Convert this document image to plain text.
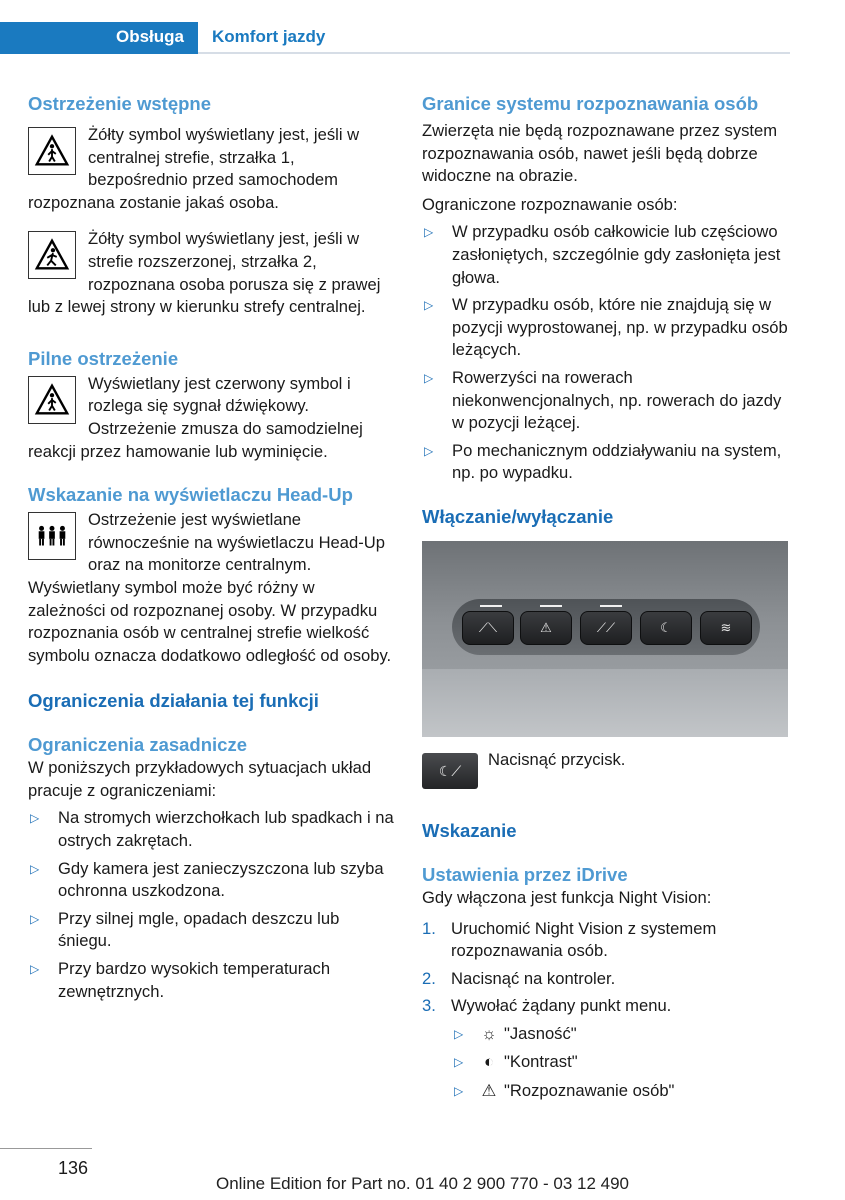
Obsługa	Komfort jazdy
Ostrzeżenie wstępne

Żółty symbol wyświetlany jest, jeśli w centralnej strefie, strzałka 1, bezpośrednio przed samochodem rozpoznana zostanie jakaś osoba.

Żółty symbol wyświetlany jest, jeśli w strefie rozszerzonej, strzałka 2, rozpoznana osoba porusza się z prawej lub z lewej strony w kierunku strefy centralnej.

Pilne ostrzeżenie

Wyświetlany jest czerwony symbol i rozlega się sygnał dźwiękowy. Ostrzeżenie zmusza do samodzielnej reakcji przez hamowanie lub wyminięcie.

Wskazanie na wyświetlaczu Head-Up

Ostrzeżenie jest wyświetlane równocześnie na wyświetlaczu Head-Up oraz na monitorze centralnym. Wyświetlany symbol może być różny w zależności od rozpoznanej osoby. W przypadku rozpoznania osób w centralnej strefie wielkość symbolu oznacza dodatkowo odległość od osoby.

Ograniczenia działania tej funkcji
Ograniczenia zasadnicze

W poniższych przykładowych sytuacjach układ pracuje z ograniczeniami:

▷ Na stromych wierzchołkach lub spadkach i na ostrych zakrętach.
▷ Gdy kamera jest zanieczyszczona lub szyba ochronna uszkodzona.
▷ Przy silnej mgle, opadach deszczu lub śniegu.
▷ Przy bardzo wysokich temperaturach zewnętrznych.
Granice systemu rozpoznawania osób

Zwierzęta nie będą rozpoznawane przez system rozpoznawania osób, nawet jeśli będą dobrze widoczne na obrazie.

Ograniczone rozpoznawanie osób:

▷ W przypadku osób całkowicie lub częściowo zasłoniętych, szczególnie gdy zasłonięta jest głowa.
▷ W przypadku osób, które nie znajdują się w pozycji wyprostowanej, np. w przypadku osób leżących.
▷ Rowerzyści na rowerach niekonwencjonalnych, np. rowerach do jazdy w pozycji leżącej.
▷ Po mechanicznym oddziaływaniu na system, np. po wypadku.
Włączanie/wyłączanie
⟋⟍	⚠	⟋⟋	☾	≋
☾⟋

Nacisnąć przycisk.

Wskazanie
Ustawienia przez iDrive

Gdy włączona jest funkcja Night Vision:

1. Uruchomić Night Vision z systemem rozpoznawania osób.
2. Nacisnąć na kontroler.
3. Wywołać żądany punkt menu.
▷ ☼ "Jasność"
▷ ◐ "Kontrast"
▷ ⚠ "Rozpoznawanie osób"
136
Online Edition for Part no. 01 40 2 900 770 - 03 12 490
